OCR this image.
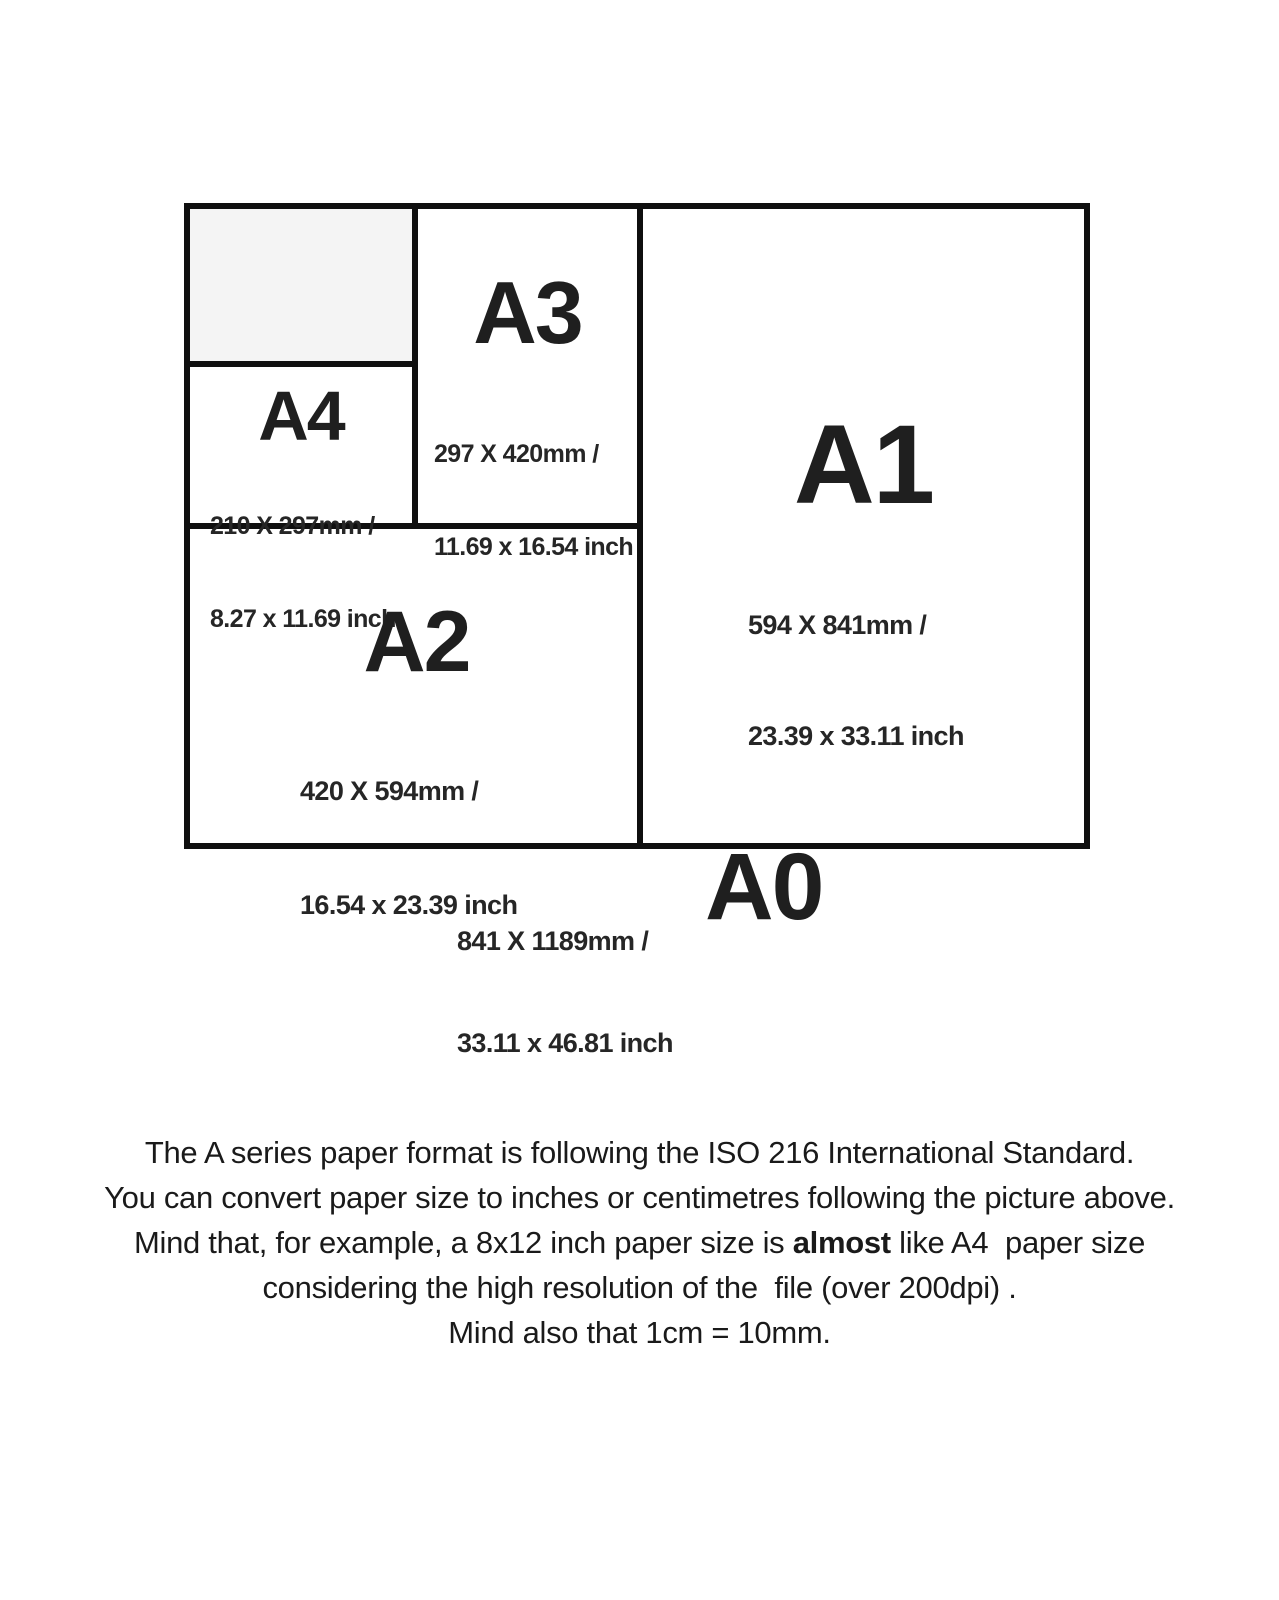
A3

297 X 420mm /

11.69 x 16.54 inch

A4

210 X 297mm /

8.27 x 11.69 inch

A2

420 X 594mm /

16.54 x 23.39 inch

A1

594 X 841mm /

23.39 x 33.11 inch

841 X 1189mm /

33.11 x 46.81 inch

A0
The A series paper format is following the ISO 216 International Standard.
You can convert paper size to inches or centimetres following the picture above.
Mind that, for example, a 8x12 inch paper size is almost like A4  paper size
considering the high resolution of the  file (over 200dpi) .
Mind also that 1cm = 10mm.
